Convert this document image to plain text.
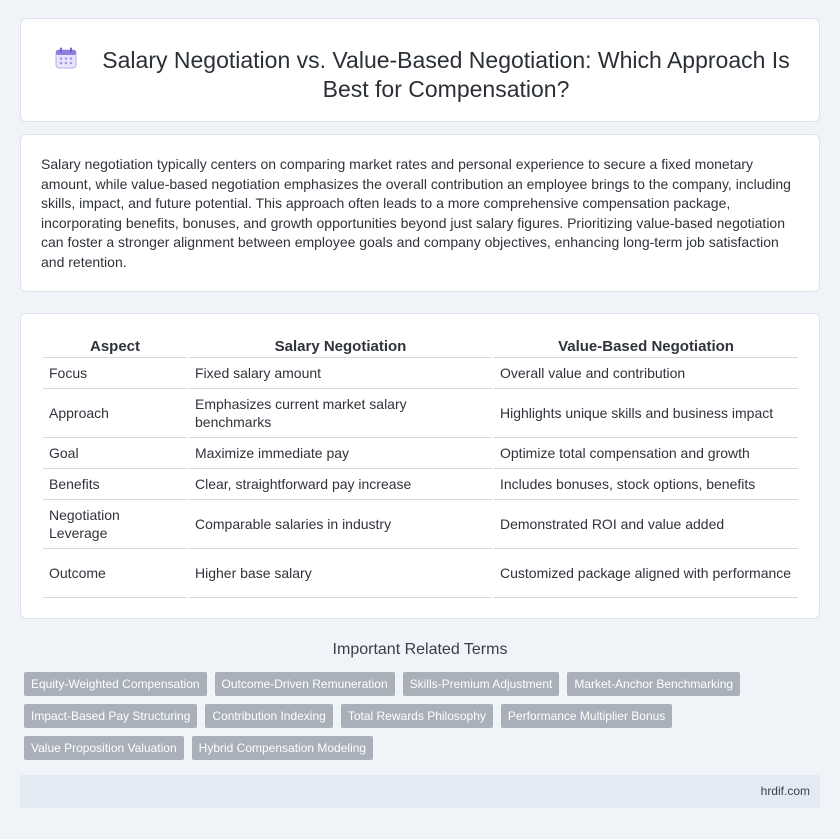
Salary Negotiation vs. Value-Based Negotiation: Which Approach Is Best for Compensation?

Salary negotiation typically centers on comparing market rates and personal experience to secure a fixed monetary amount, while value-based negotiation emphasizes the overall contribution an employee brings to the company, including skills, impact, and future potential. This approach often leads to a more comprehensive compensation package, incorporating benefits, bonuses, and growth opportunities beyond just salary figures. Prioritizing value-based negotiation can foster a stronger alignment between employee goals and company objectives, enhancing long-term job satisfaction and retention.

Aspect	Salary Negotiation	Value-Based Negotiation
Focus	Fixed salary amount	Overall value and contribution
Approach	Emphasizes current market salary benchmarks	Highlights unique skills and business impact
Goal	Maximize immediate pay	Optimize total compensation and growth
Benefits	Clear, straightforward pay increase	Includes bonuses, stock options, benefits
Negotiation Leverage	Comparable salaries in industry	Demonstrated ROI and value added
Outcome	Higher base salary	Customized package aligned with performance
Important Related Terms
Equity-Weighted Compensation	Outcome-Driven Remuneration	Skills-Premium Adjustment	Market-Anchor Benchmarking
Impact-Based Pay Structuring	Contribution Indexing	Total Rewards Philosophy	Performance Multiplier Bonus
Value Proposition Valuation	Hybrid Compensation Modeling
hrdif.com
